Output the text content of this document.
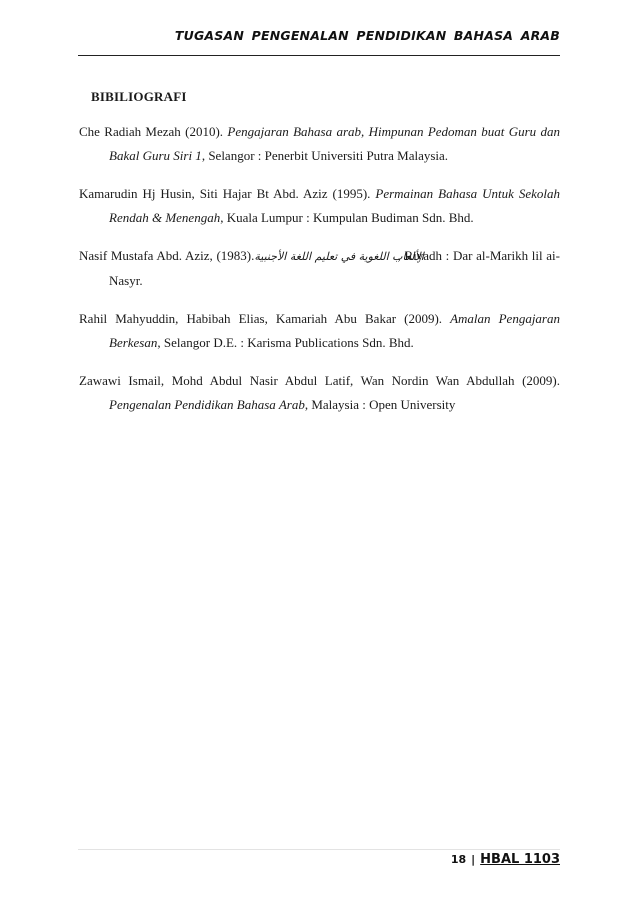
TUGASAN PENGENALAN PENDIDIKAN BAHASA ARAB
BIBILIOGRAFI

Che Radiah Mezah (2010). Pengajaran Bahasa arab, Himpunan Pedoman buat Guru dan Bakal Guru Siri 1, Selangor : Penerbit Universiti Putra Malaysia.

Kamarudin Hj Husin, Siti Hajar Bt Abd. Aziz (1995). Permainan Bahasa Untuk Sekolah Rendah & Menengah, Kuala Lumpur : Kumpulan Budiman Sdn. Bhd.

Nasif Mustafa Abd. Aziz, (1983).الألعاب اللغوية في تعليم اللغة الأجنبية , Riyadh : Dar al-Marikh lil ai-Nasyr.

Rahil Mahyuddin, Habibah Elias, Kamariah Abu Bakar (2009). Amalan Pengajaran Berkesan, Selangor D.E. : Karisma Publications Sdn. Bhd.

Zawawi Ismail, Mohd Abdul Nasir Abdul Latif, Wan Nordin Wan Abdullah (2009). Pengenalan Pendidikan Bahasa Arab, Malaysia : Open University

18 | HBAL 1103
